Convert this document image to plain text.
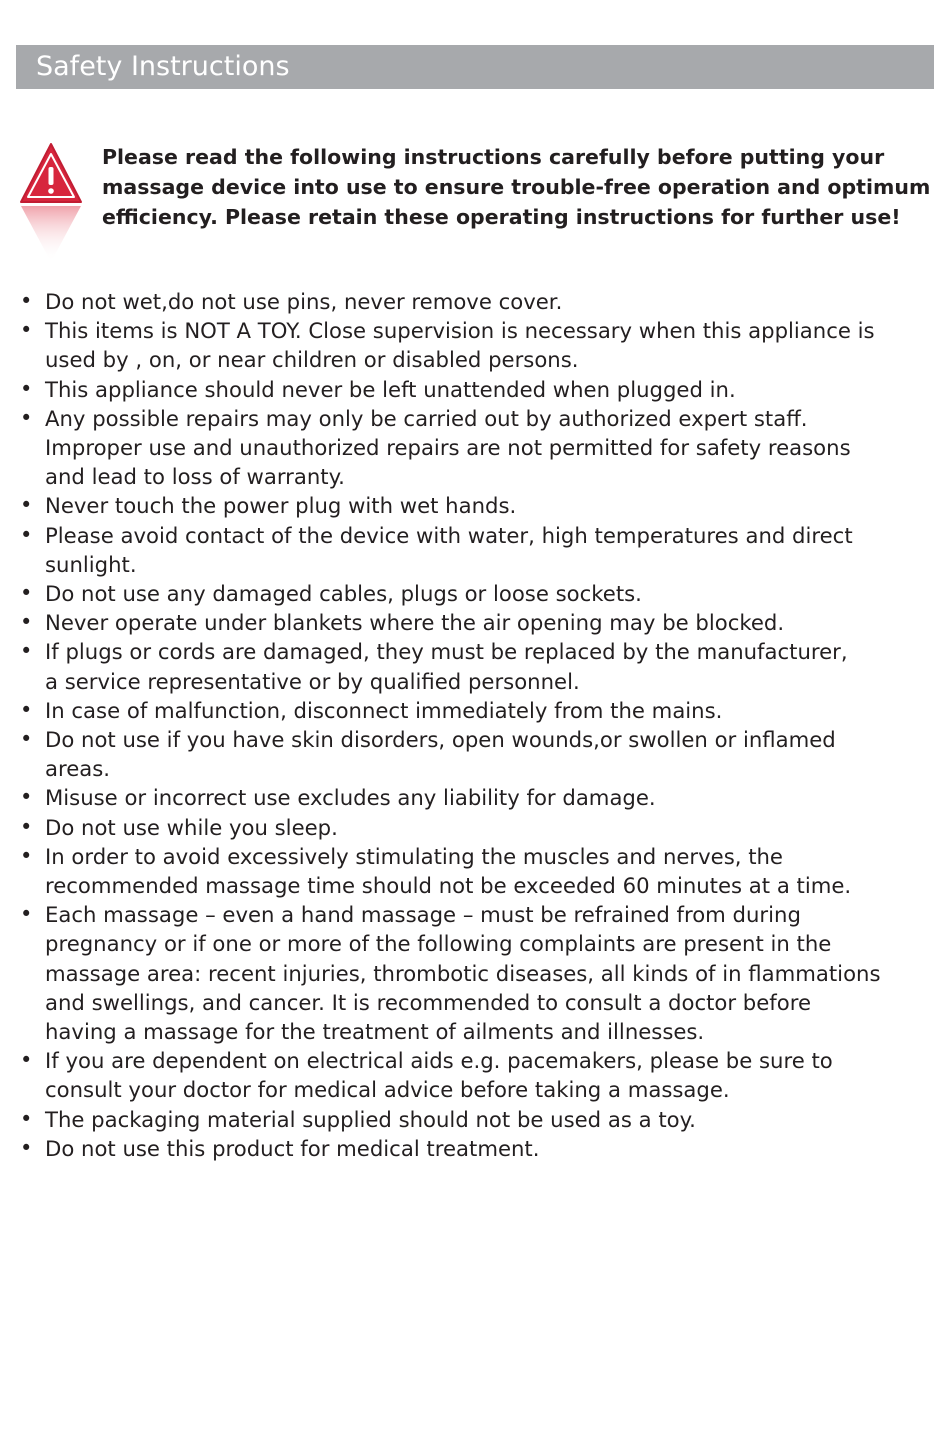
Safety Instructions
Please read the following instructions carefully before putting your
massage device into use to ensure trouble-free operation and optimum
efficiency. Please retain these operating instructions for further use!
• Do not wet,do not use pins, never remove cover.
• This items is NOT A TOY. Close supervision is necessary when this appliance is
used by , on, or near children or disabled persons.
• This appliance should never be left unattended when plugged in.
• Any possible repairs may only be carried out by authorized expert staff.
Improper use and unauthorized repairs are not permitted for safety reasons
and lead to loss of warranty.
• Never touch the power plug with wet hands.
• Please avoid contact of the device with water, high temperatures and direct
sunlight.
• Do not use any damaged cables, plugs or loose sockets.
• Never operate under blankets where the air opening may be blocked.
• If plugs or cords are damaged, they must be replaced by the manufacturer,
a service representative or by qualified personnel.
• In case of malfunction, disconnect immediately from the mains.
• Do not use if you have skin disorders, open wounds,or swollen or inflamed
areas.
• Misuse or incorrect use excludes any liability for damage.
• Do not use while you sleep.
• In order to avoid excessively stimulating the muscles and nerves, the
recommended massage time should not be exceeded 60 minutes at a time.
• Each massage – even a hand massage – must be refrained from during
pregnancy or if one or more of the following complaints are present in the
massage area: recent injuries, thrombotic diseases, all kinds of in flammations
and swellings, and cancer. It is recommended to consult a doctor before
having a massage for the treatment of ailments and illnesses.
• If you are dependent on electrical aids e.g. pacemakers, please be sure to
consult your doctor for medical advice before taking a massage.
• The packaging material supplied should not be used as a toy.
• Do not use this product for medical treatment.
